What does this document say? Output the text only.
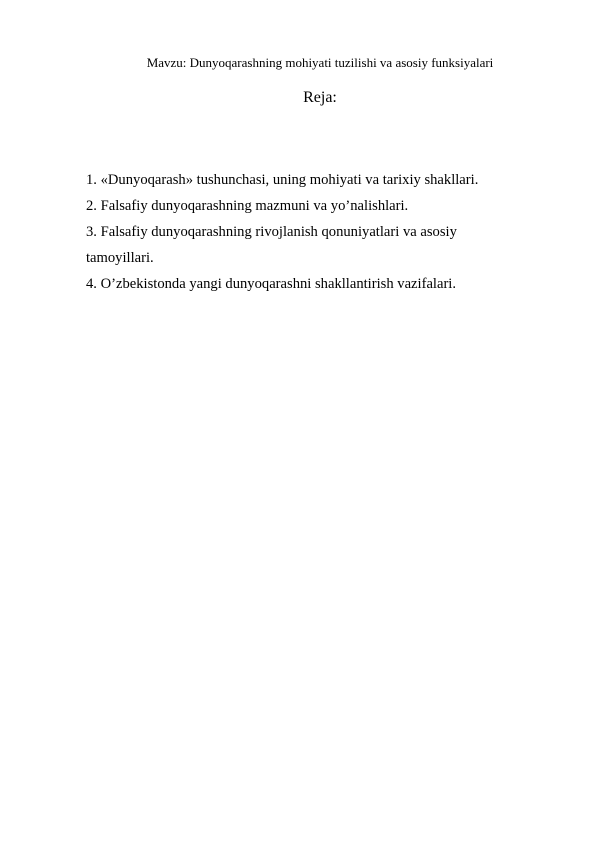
Mavzu: Dunyoqarashning mohiyati tuzilishi va asosiy funksiyalari
Reja:
1. «Dunyoqarash» tushunchasi, uning mohiyati va tarixiy shakllari.
2. Falsafiy dunyoqarashning mazmuni va yo’nalishlari.
3. Falsafiy dunyoqarashning rivojlanish qonuniyatlari va asosiy tamoyillari.
4. O’zbekistonda yangi dunyoqarashni shakllantirish vazifalari.
